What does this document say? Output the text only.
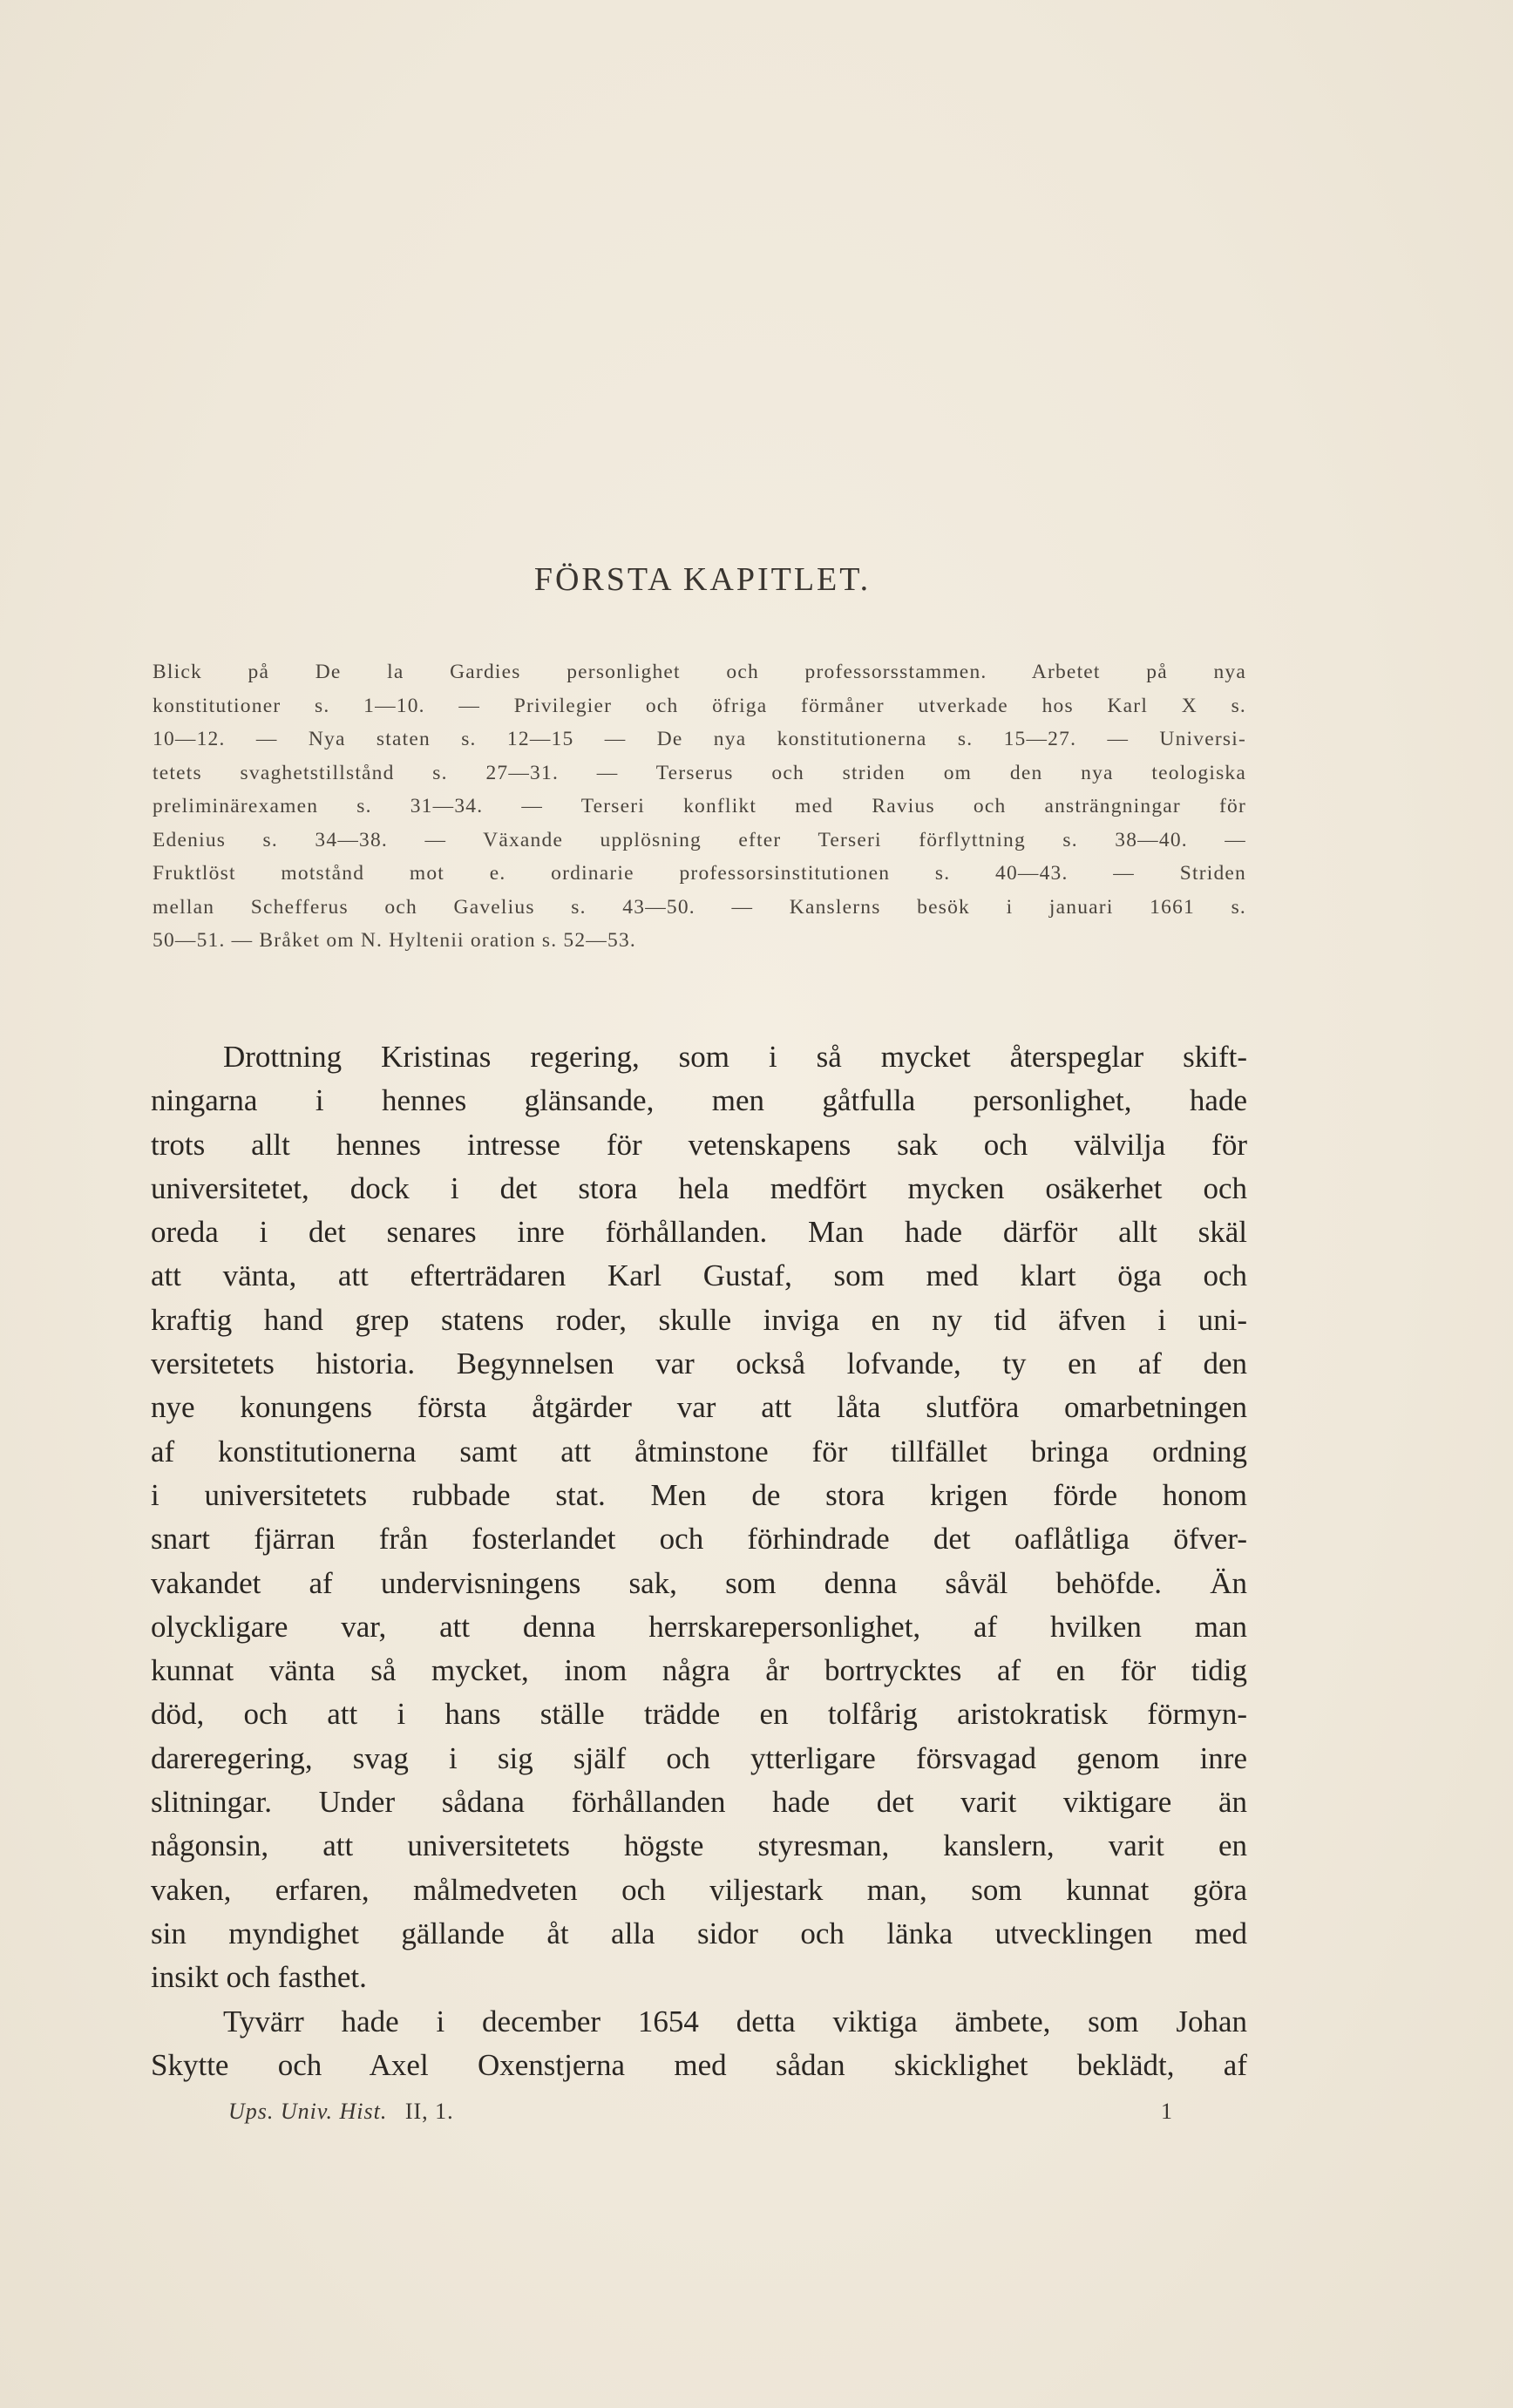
FÖRSTA KAPITLET.
Blick på De la Gardies personlighet och professorsstammen. Arbetet på nya
konstitutioner s. 1—10. — Privilegier och öfriga förmåner utverkade hos Karl X s.
10—12. — Nya staten s. 12—15 — De nya konstitutionerna s. 15—27. — Universi-
tetets svaghetstillstånd s. 27—31. — Terserus och striden om den nya teologiska
preliminärexamen s. 31—34. — Terseri konflikt med Ravius och ansträngningar för
Edenius s. 34—38. — Växande upplösning efter Terseri förflyttning s. 38—40. —
Fruktlöst motstånd mot e. ordinarie professorsinstitutionen s. 40—43. — Striden
mellan Schefferus och Gavelius s. 43—50. — Kanslerns besök i januari 1661 s.
50—51. — Bråket om N. Hyltenii oration s. 52—53.
Drottning Kristinas regering, som i så mycket återspeglar skift-
ningarna i hennes glänsande, men gåtfulla personlighet, hade
trots allt hennes intresse för vetenskapens sak och välvilja för
universitetet, dock i det stora hela medfört mycken osäkerhet och
oreda i det senares inre förhållanden. Man hade därför allt skäl
att vänta, att efterträdaren Karl Gustaf, som med klart öga och
kraftig hand grep statens roder, skulle inviga en ny tid äfven i uni-
versitetets historia. Begynnelsen var också lofvande, ty en af den
nye konungens första åtgärder var att låta slutföra omarbetningen
af konstitutionerna samt att åtminstone för tillfället bringa ordning
i universitetets rubbade stat. Men de stora krigen förde honom
snart fjärran från fosterlandet och förhindrade det oaflåtliga öfver-
vakandet af undervisningens sak, som denna såväl behöfde. Än
olyckligare var, att denna herrskarepersonlighet, af hvilken man
kunnat vänta så mycket, inom några år bortrycktes af en för tidig
död, och att i hans ställe trädde en tolfårig aristokratisk förmyn-
dareregering, svag i sig själf och ytterligare försvagad genom inre
slitningar. Under sådana förhållanden hade det varit viktigare än
någonsin, att universitetets högste styresman, kanslern, varit en
vaken, erfaren, målmedveten och viljestark man, som kunnat göra
sin myndighet gällande åt alla sidor och länka utvecklingen med
insikt och fasthet.
Tyvärr hade i december 1654 detta viktiga ämbete, som Johan
Skytte och Axel Oxenstjerna med sådan skicklighet beklädt, af
Ups. Univ. Hist. II, 1.	1
